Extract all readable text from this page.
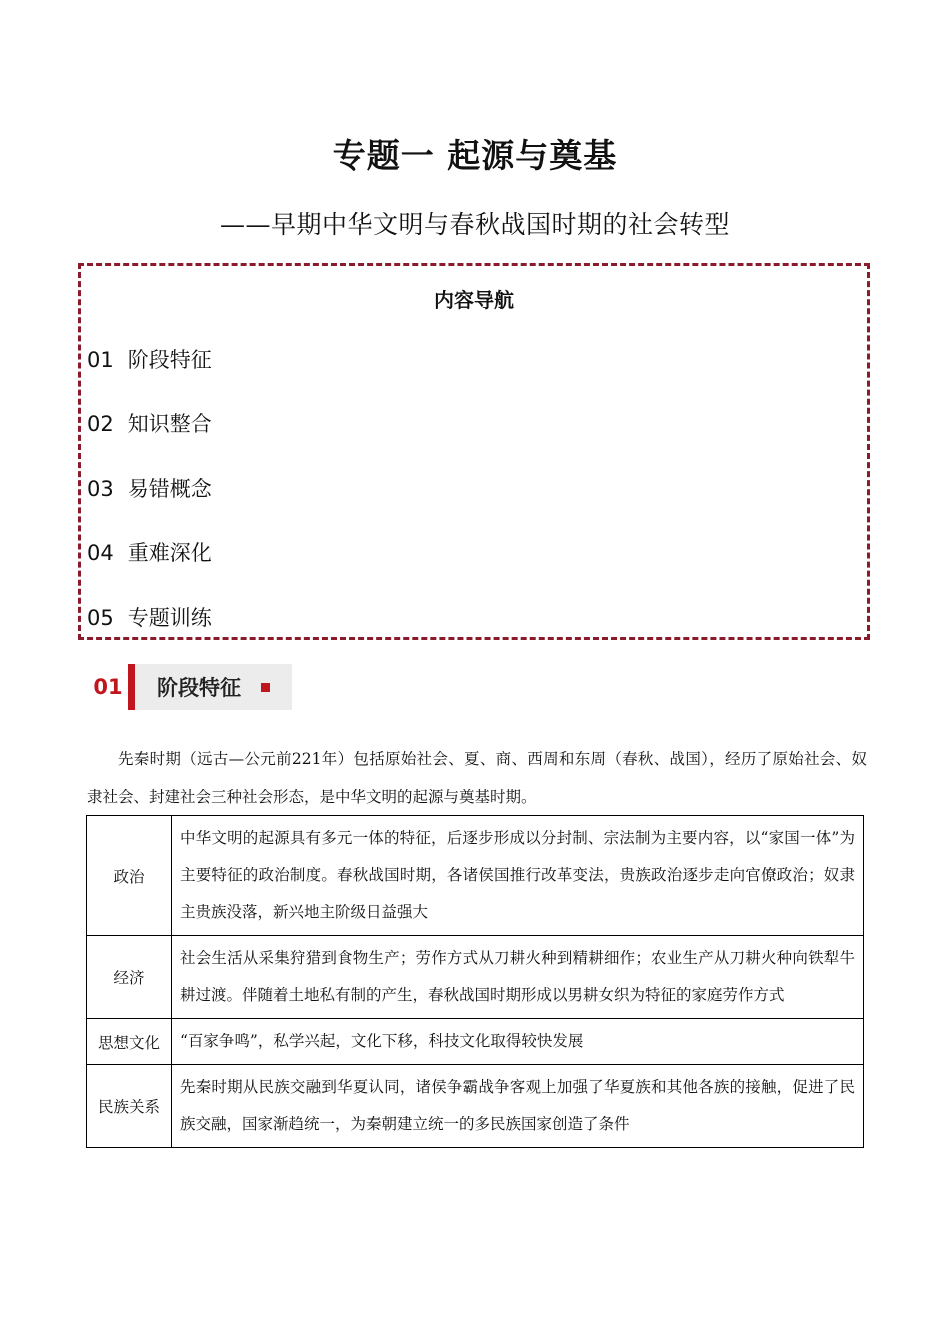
专题一 起源与奠基
——早期中华文明与春秋战国时期的社会转型
内容导航
01 阶段特征
02 知识整合
03 易错概念
04 重难深化
05 专题训练
01 阶段特征
先秦时期（远古—公元前221年）包括原始社会、夏、商、西周和东周（春秋、战国），经历了原始社会、奴隶社会、封建社会三种社会形态，是中华文明的起源与奠基时期。
政治	中华文明的起源具有多元一体的特征，后逐步形成以分封制、宗法制为主要内容，以“家国一体”为主要特征的政治制度。春秋战国时期，各诸侯国推行改革变法，贵族政治逐步走向官僚政治；奴隶主贵族没落，新兴地主阶级日益强大
经济	社会生活从采集狩猎到食物生产；劳作方式从刀耕火种到精耕细作；农业生产从刀耕火种向铁犁牛耕过渡。伴随着土地私有制的产生，春秋战国时期形成以男耕女织为特征的家庭劳作方式
思想文化	“百家争鸣”，私学兴起，文化下移，科技文化取得较快发展
民族关系	先秦时期从民族交融到华夏认同，诸侯争霸战争客观上加强了华夏族和其他各族的接触，促进了民族交融，国家渐趋统一，为秦朝建立统一的多民族国家创造了条件
